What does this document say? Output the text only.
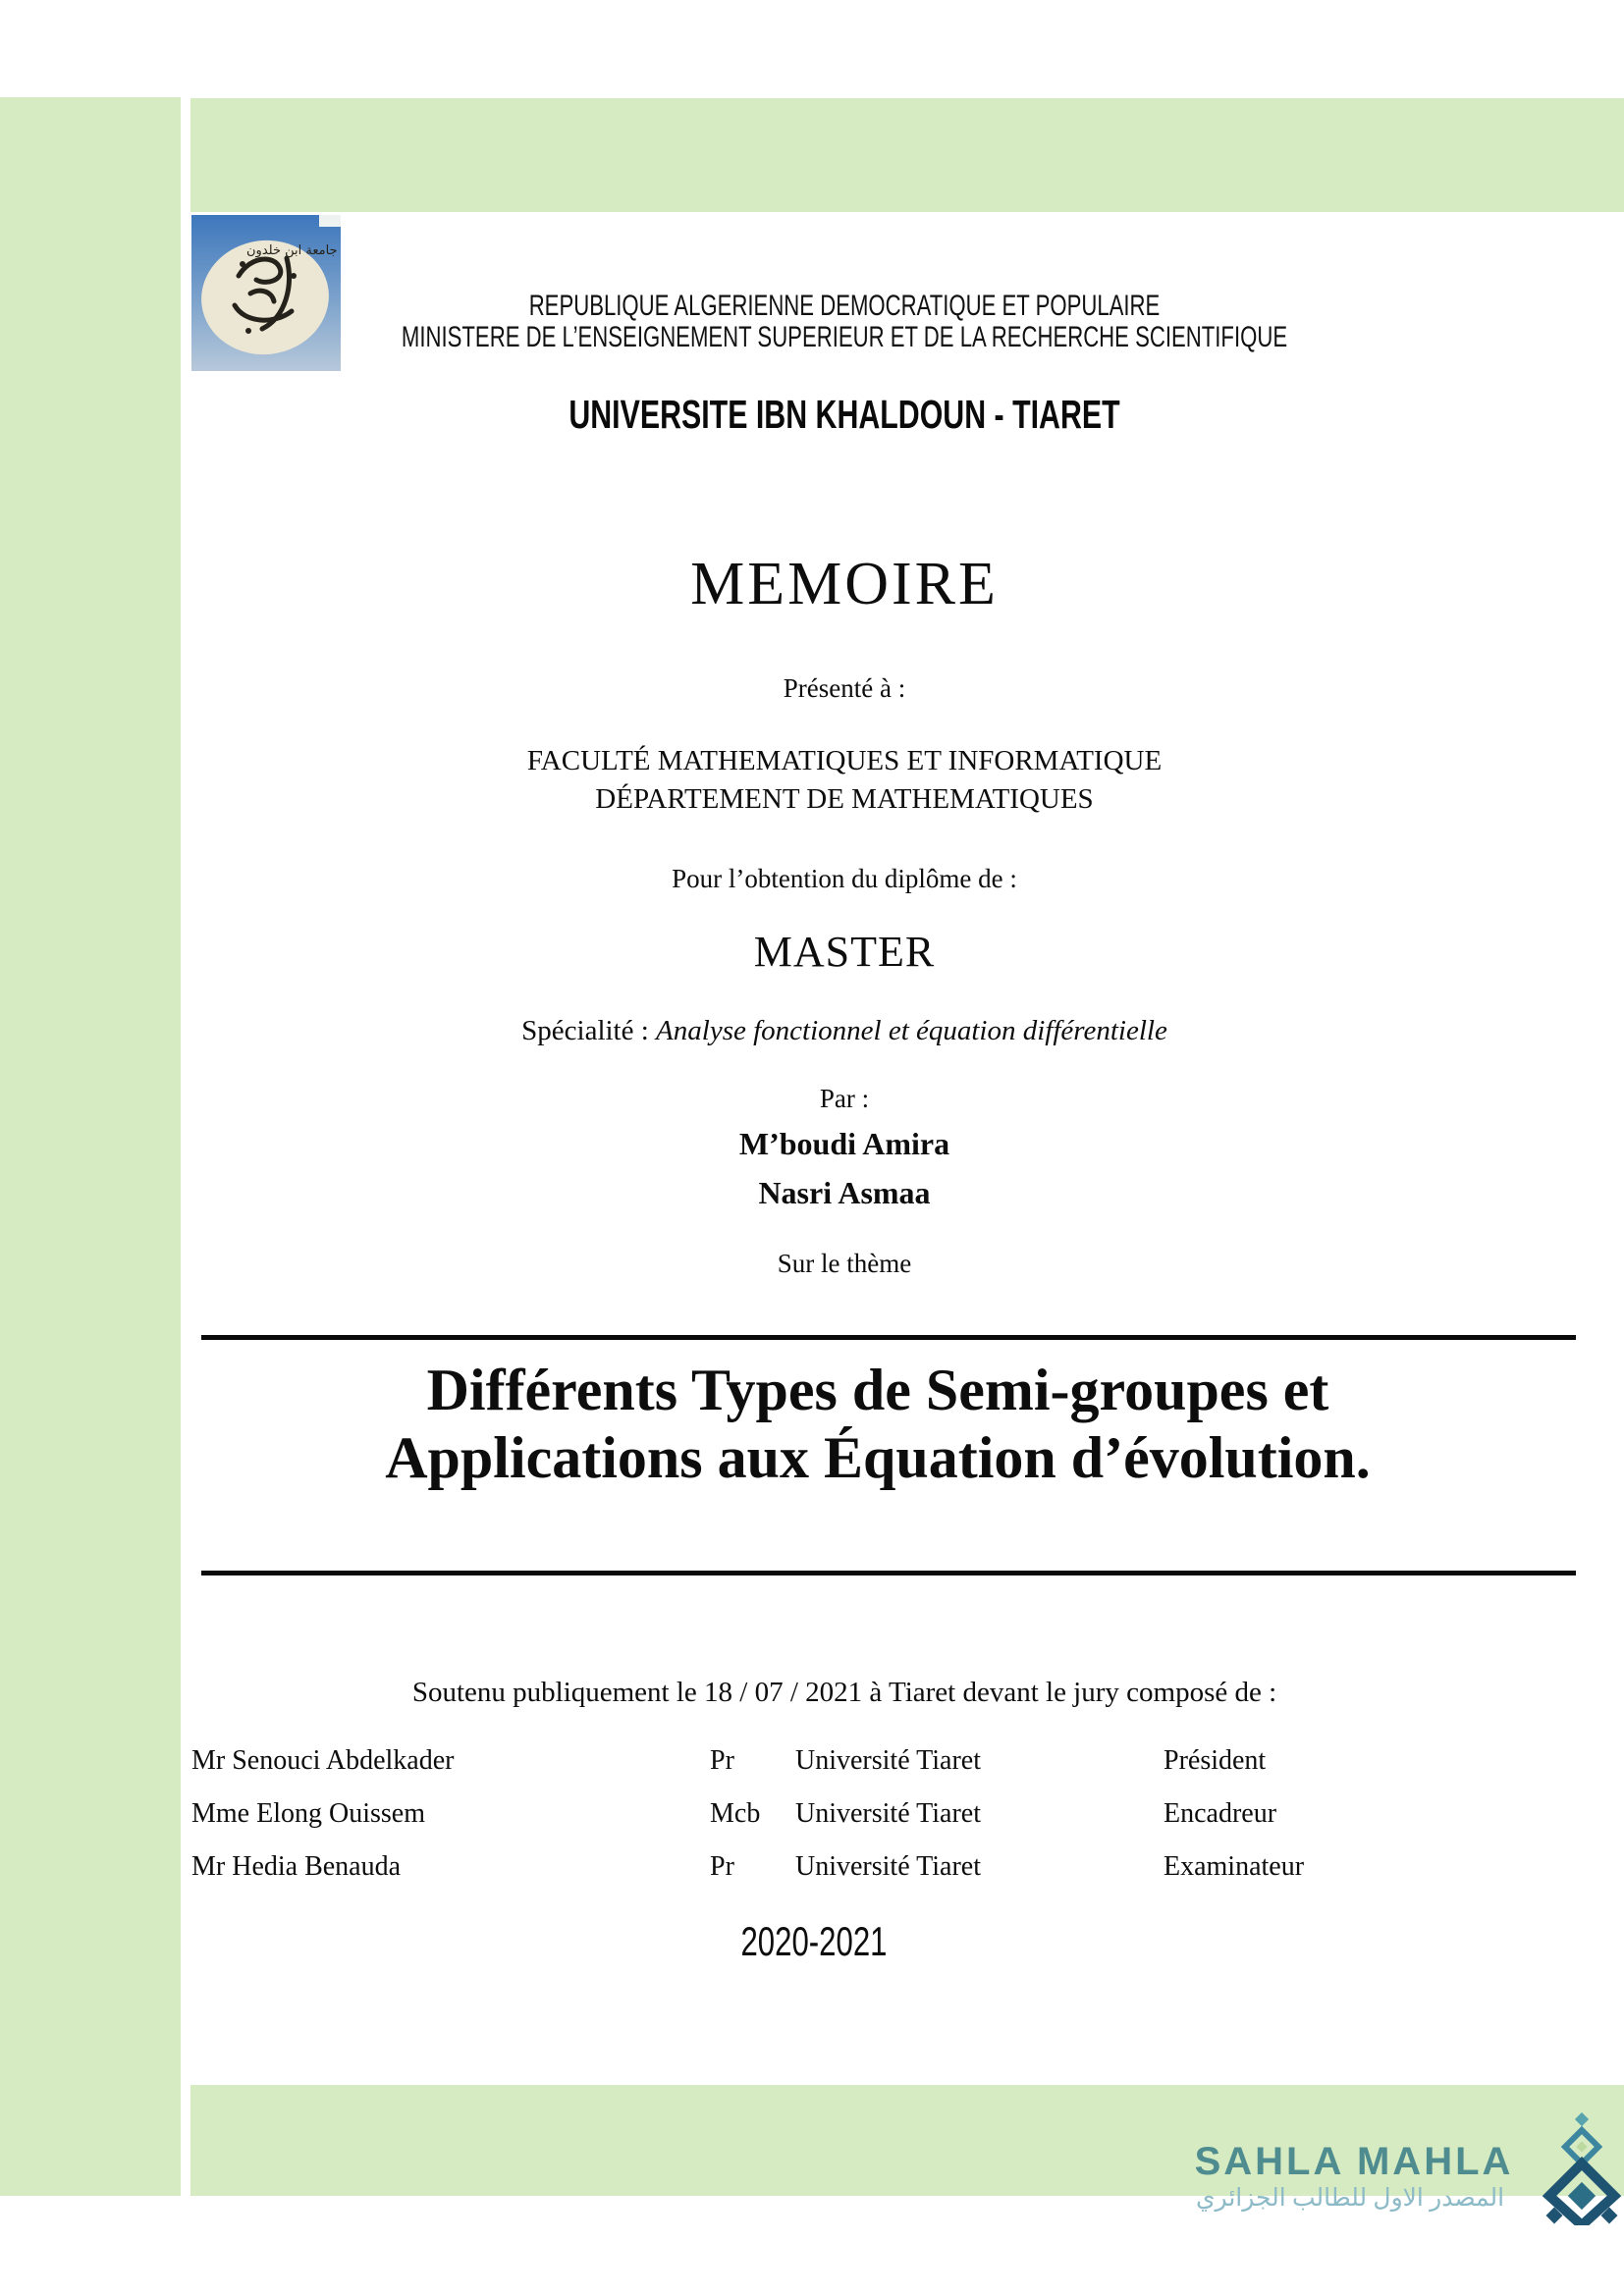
جامعة ابن خلدون
REPUBLIQUE ALGERIENNE DEMOCRATIQUE ET POPULAIRE
MINISTERE DE L’ENSEIGNEMENT SUPERIEUR ET DE LA RECHERCHE SCIENTIFIQUE
UNIVERSITE IBN KHALDOUN - TIARET
MEMOIRE
Présenté à :
FACULTÉ MATHEMATIQUES ET INFORMATIQUE
DÉPARTEMENT DE MATHEMATIQUES
Pour l’obtention du diplôme de :
MASTER
Spécialité : Analyse fonctionnel et équation différentielle
Par :
M’boudi Amira
Nasri Asmaa
Sur le thème
Différents Types de Semi-groupes et
Applications aux Équation d’évolution.
Soutenu publiquement le 18 / 07 / 2021 à Tiaret devant le jury composé de :
Mr Senouci Abdelkader	Pr	Université Tiaret	Président
Mme Elong Ouissem	Mcb	Université Tiaret	Encadreur
Mr Hedia Benauda	Pr	Université Tiaret	Examinateur
2020-2021
SAHLA MAHLA
المصدر الاول للطالب الجزائري
